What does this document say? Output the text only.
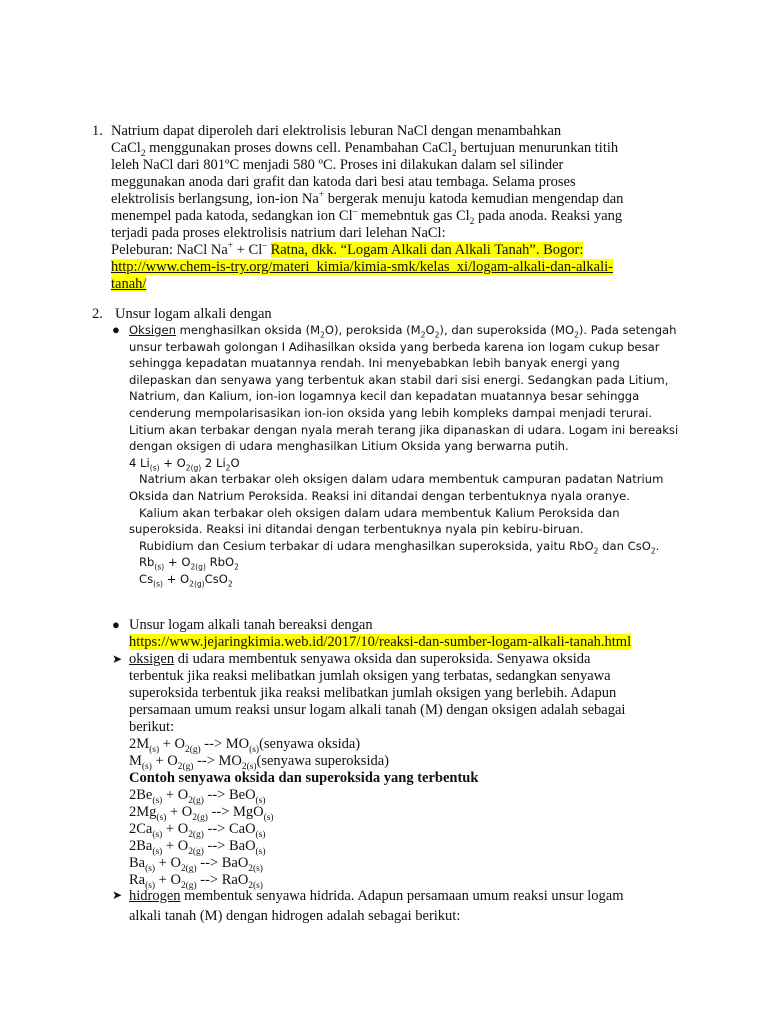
1. Natrium dapat diperoleh dari elektrolisis leburan NaCl dengan menambahkan
CaCl$_2$ menggunakan proses downs cell. Penambahan CaCl$_2$ bertujuan menurunkan titih
leleh NaCl dari 801ºC menjadi 580 ºC. Proses ini dilakukan dalam sel silinder
meggunakan anoda dari grafit dan katoda dari besi atau tembaga. Selama proses
elektrolisis berlangsung, ion-ion Na+ bergerak menuju katoda kemudian mengendap dan
menempel pada katoda, sedangkan ion Cl– memebntuk gas $Cl_2$ pada anoda. Reaksi yang
terjadi pada proses elektrolisis natrium dari lelehan NaCl:
Peleburan: NaCl Na+ + Cl– Ratna, dkk. “Logam Alkali dan Alkali Tanah”. Bogor:
http://www.chem-is-try.org/materi_kimia/kimia-smk/kelas_xi/logam-alkali-dan-alkali-
tanah/
2. Unsur logam alkali dengan
● Oksigen menghasilkan oksida $(M_2O)$, peroksida $(M_2O_2)$, dan superoksida $(MO_2)$. Pada setengah
unsur terbawah golongan I Adihasilkan oksida yang berbeda karena ion logam cukup besar
sehingga kepadatan muatannya rendah. Ini menyebabkan lebih banyak energi yang
dilepaskan dan senyawa yang terbentuk akan stabil dari sisi energi. Sedangkan pada Litium,
Natrium, dan Kalium, ion-ion logamnya kecil dan kepadatan muatannya besar sehingga
cenderung mempolarisasikan ion-ion oksida yang lebih kompleks dampai menjadi terurai.
Litium akan terbakar dengan nyala merah terang jika dipanaskan di udara. Logam ini bereaksi
dengan oksigen di udara menghasilkan Litium Oksida yang berwarna putih.
4 $Li_{(s)} + O_{2(g)}$ 2 $Li_2O$
Natrium akan terbakar oleh oksigen dalam udara membentuk campuran padatan Natrium
Oksida dan Natrium Peroksida. Reaksi ini ditandai dengan terbentuknya nyala oranye.
Kalium akan terbakar oleh oksigen dalam udara membentuk Kalium Peroksida dan
superoksida. Reaksi ini ditandai dengan terbentuknya nyala pin kebiru-biruan.
Rubidium dan Cesium terbakar di udara menghasilkan superoksida, yaitu RbO$_2$ dan CsO$_2$.
$Rb_{(s)} + O_{2(g)}$ RbO$_2$
$Cs_{(s)} + O_{2(g)}CsO_2$
● Unsur logam alkali tanah bereaksi dengan
https://www.jejaringkimia.web.id/2017/10/reaksi-dan-sumber-logam-alkali-tanah.html
➤ oksigen di udara membentuk senyawa oksida dan superoksida. Senyawa oksida
terbentuk jika reaksi melibatkan jumlah oksigen yang terbatas, sedangkan senyawa
superoksida terbentuk jika reaksi melibatkan jumlah oksigen yang berlebih. Adapun
persamaan umum reaksi unsur logam alkali tanah (M) dengan oksigen adalah sebagai
berikut:
$2M_{(s)} + O_{2(g)}$ --> $MO_{(s)}(senyawa$ oksida)
$M_{(s)} + O_{2(g)}$ --> $MO_{2(s)}(senyawa$ superoksida)
Contoh senyawa oksida dan superoksida yang terbentuk
$2Be_{(s)} + O_{2(g)}$ --> BeO$_{(s)}$
$2Mg_{(s)} + O_{2(g)}$ --> MgO$_{(s)}$
$2Ca_{(s)} + O_{2(g)}$ --> CaO$_{(s)}$
$2Ba_{(s)} + O_{2(g)}$ --> BaO$_{(s)}$
$Ba_{(s)} + O_{2(g)}$ --> BaO$_{2(s)}$
$Ra_{(s)} + O_{2(g)}$ --> RaO$_{2(s)}$
➤ hidrogen membentuk senyawa hidrida. Adapun persamaan umum reaksi unsur logam
alkali tanah (M) dengan hidrogen adalah sebagai berikut:
